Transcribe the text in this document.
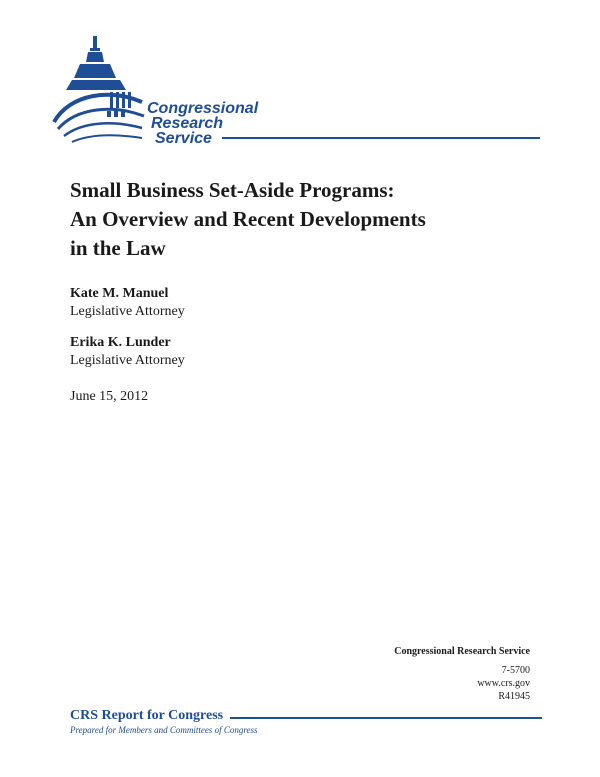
Congressional
Research
Service
Small Business Set-Aside Programs:
An Overview and Recent Developments
in the Law
Kate M. Manuel
Legislative Attorney
Erika K. Lunder
Legislative Attorney
June 15, 2012
Congressional Research Service
7-5700
www.crs.gov
R41945
CRS Report for Congress
Prepared for Members and Committees of Congress
